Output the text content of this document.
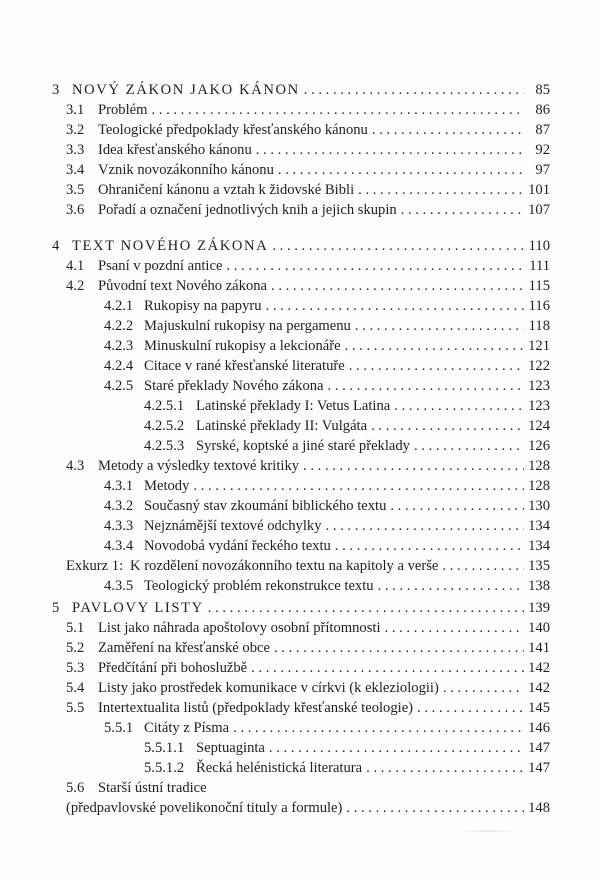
3 NOVÝ ZÁKON JAKO KÁNON . . .	85
3.1 Problém . . .	86
3.2 Teologické předpoklady křesťanského kánonu . . .	87
3.3 Idea křesťanského kánonu . . .	92
3.4 Vznik novozákonního kánonu . . .	97
3.5 Ohraničení kánonu a vztah k židovské Bibli . . .	101
3.6 Pořadí a označení jednotlivých knih a jejich skupin . . .	107
4 TEXT NOVÉHO ZÁKONA . . .	110
4.1 Psaní v pozdní antice . . .	111
4.2 Původní text Nového zákona . . .	115
4.2.1 Rukopisy na papyru . . .	116
4.2.2 Majuskulní rukopisy na pergamenu . . .	118
4.2.3 Minuskulní rukopisy a lekcionáře . . .	121
4.2.4 Citace v rané křesťanské literatuře . . .	122
4.2.5 Staré překlady Nového zákona . . .	123
4.2.5.1 Latinské překlady I: Vetus Latina . . .	123
4.2.5.2 Latinské překlady II: Vulgáta . . .	124
4.2.5.3 Syrské, koptské a jiné staré překlady . . .	126
4.3 Metody a výsledky textové kritiky . . .	128
4.3.1 Metody . . .	128
4.3.2 Současný stav zkoumání biblického textu . . .	130
4.3.3 Nejznámější textové odchylky . . .	134
4.3.4 Novodobá vydání řeckého textu . . .	134
Exkurz 1: K rozdělení novozákonního textu na kapitoly a verše . . .	135
4.3.5 Teologický problém rekonstrukce textu . . .	138
5 PAVLOVY LISTY . . .	139
5.1 List jako náhrada apoštolovy osobní přítomnosti . . .	140
5.2 Zaměření na křesťanské obce . . .	141
5.3 Předčítání při bohoslužbě . . .	142
5.4 Listy jako prostředek komunikace v církvi (k ekleziologii) . . .	142
5.5 Intertextualita listů (předpoklady křesťanské teologie) . . .	145
5.5.1 Citáty z Písma . . .	146
5.5.1.1 Septuaginta . . .	147
5.5.1.2 Řecká helénistická literatura . . .	147
5.6 Starší ústní tradice
(předpavlovské povelikonoční tituly a formule) . . .	148
